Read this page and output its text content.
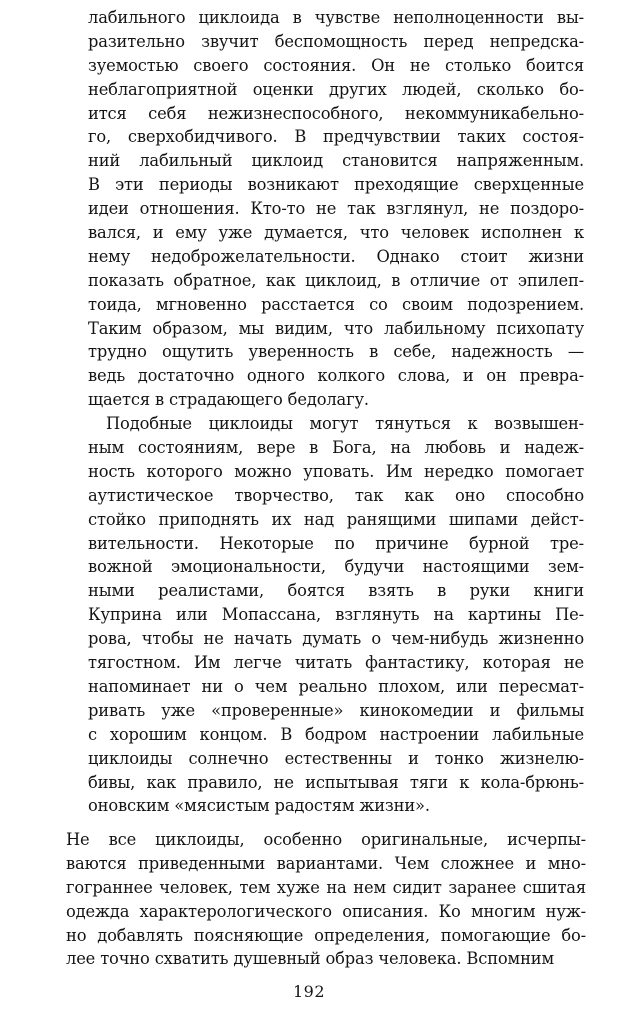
лабильного циклоида в чувстве неполноценности вы-
разительно звучит беспомощность перед непредска-
зуемостью своего состояния. Он не столько боится
неблагоприятной оценки других людей, сколько бо-
ится себя нежизнеспособного, некоммуникабельно-
го, сверхобидчивого. В предчувствии таких состоя-
ний лабильный циклоид становится напряженным.
В эти периоды возникают преходящие сверхценные
идеи отношения. Кто-то не так взглянул, не поздоро-
вался, и ему уже думается, что человек исполнен к
нему недоброжелательности. Однако стоит жизни
показать обратное, как циклоид, в отличие от эпилеп-
тоида, мгновенно расстается со своим подозрением.
Таким образом, мы видим, что лабильному психопату
трудно ощутить уверенность в себе, надежность —
ведь достаточно одного колкого слова, и он превра-
щается в страдающего бедолагу.
Подобные циклоиды могут тянуться к возвышен-
ным состояниям, вере в Бога, на любовь и надеж-
ность которого можно уповать. Им нередко помогает
аутистическое творчество, так как оно способно
стойко приподнять их над ранящими шипами дейст-
вительности. Некоторые по причине бурной тре-
вожной эмоциональности, будучи настоящими зем-
ными реалистами, боятся взять в руки книги
Куприна или Мопассана, взглянуть на картины Пе-
рова, чтобы не начать думать о чем-нибудь жизненно
тягостном. Им легче читать фантастику, которая не
напоминает ни о чем реально плохом, или пересмат-
ривать уже «проверенные» кинокомедии и фильмы
с хорошим концом. В бодром настроении лабильные
циклоиды солнечно естественны и тонко жизнелю-
бивы, как правило, не испытывая тяги к кола-брюнь-
оновским «мясистым радостям жизни».
Не все циклоиды, особенно оригинальные, исчерпы-
ваются приведенными вариантами. Чем сложнее и мно-
гограннее человек, тем хуже на нем сидит заранее сшитая
одежда характерологического описания. Ко многим нуж-
но добавлять поясняющие определения, помогающие бо-
лее точно схватить душевный образ человека. Вспомним
192
